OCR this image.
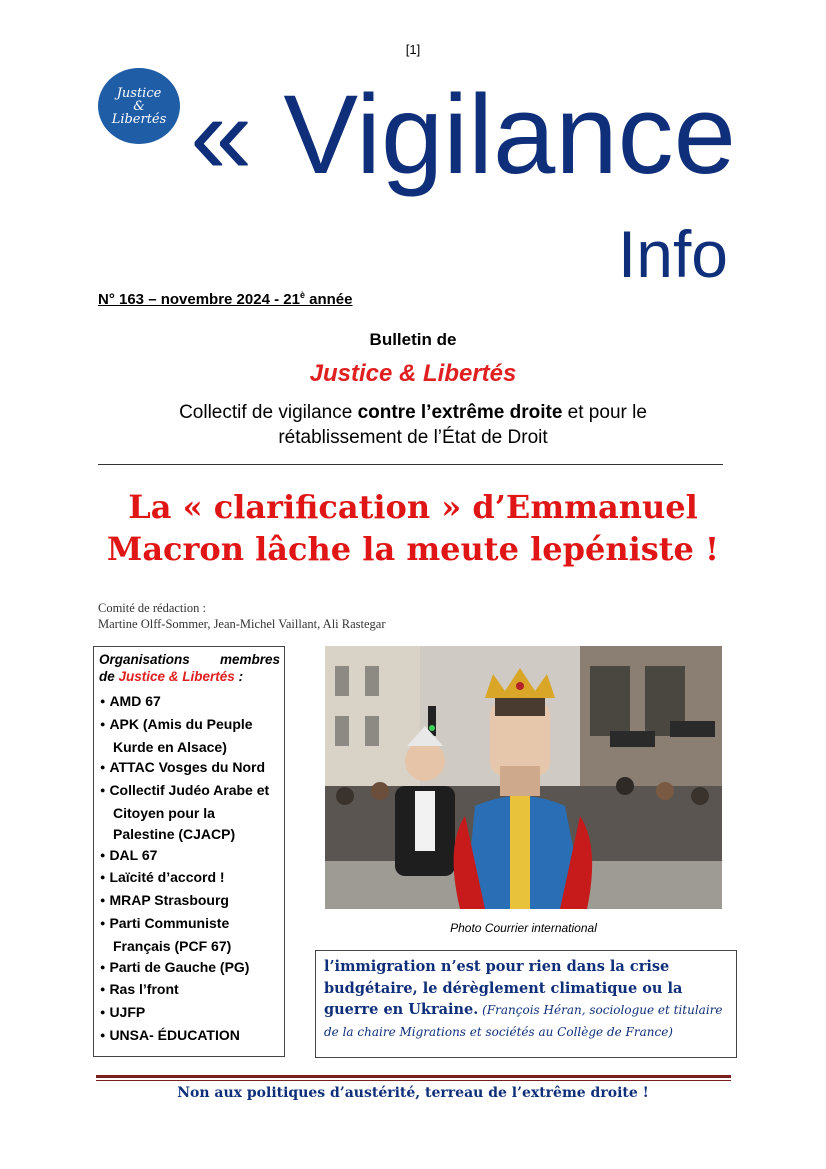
[1]
Justice
&
Libertés « Vigilance
Info
N° 163 – novembre $2024 - 21^è$ année
Bulletin de
Justice & Libertés
Collectif de vigilance contre l’extrême droite et pour le rétablissement de l’État de Droit
La « clarification » d’Emmanuel Macron lâche la meute lepéniste !
Comité de rédaction :
Martine Olff-Sommer, Jean-Michel Vaillant, Ali Rastegar
Organisations membres
de Justice & Libertés :
● AMD 67
● APK (Amis du Peuple Kurde en Alsace)
● ATTAC Vosges du Nord
● Collectif Judéo Arabe et Citoyen pour la Palestine (CJACP)
● DAL 67
● Laïcité d’accord !
● MRAP Strasbourg
● Parti Communiste Français (PCF 67)
● Parti de Gauche (PG)
● Ras l’front
● UJFP
● UNSA- ÉDUCATION
Photo Courrier international
l’immigration n’est pour rien dans la crise budgétaire, le dérèglement climatique ou la guerre en Ukraine. (François Héran, sociologue et titulaire de la chaire Migrations et sociétés au Collège de France)
Non aux politiques d’austérité, terreau de l’extrême droite !
